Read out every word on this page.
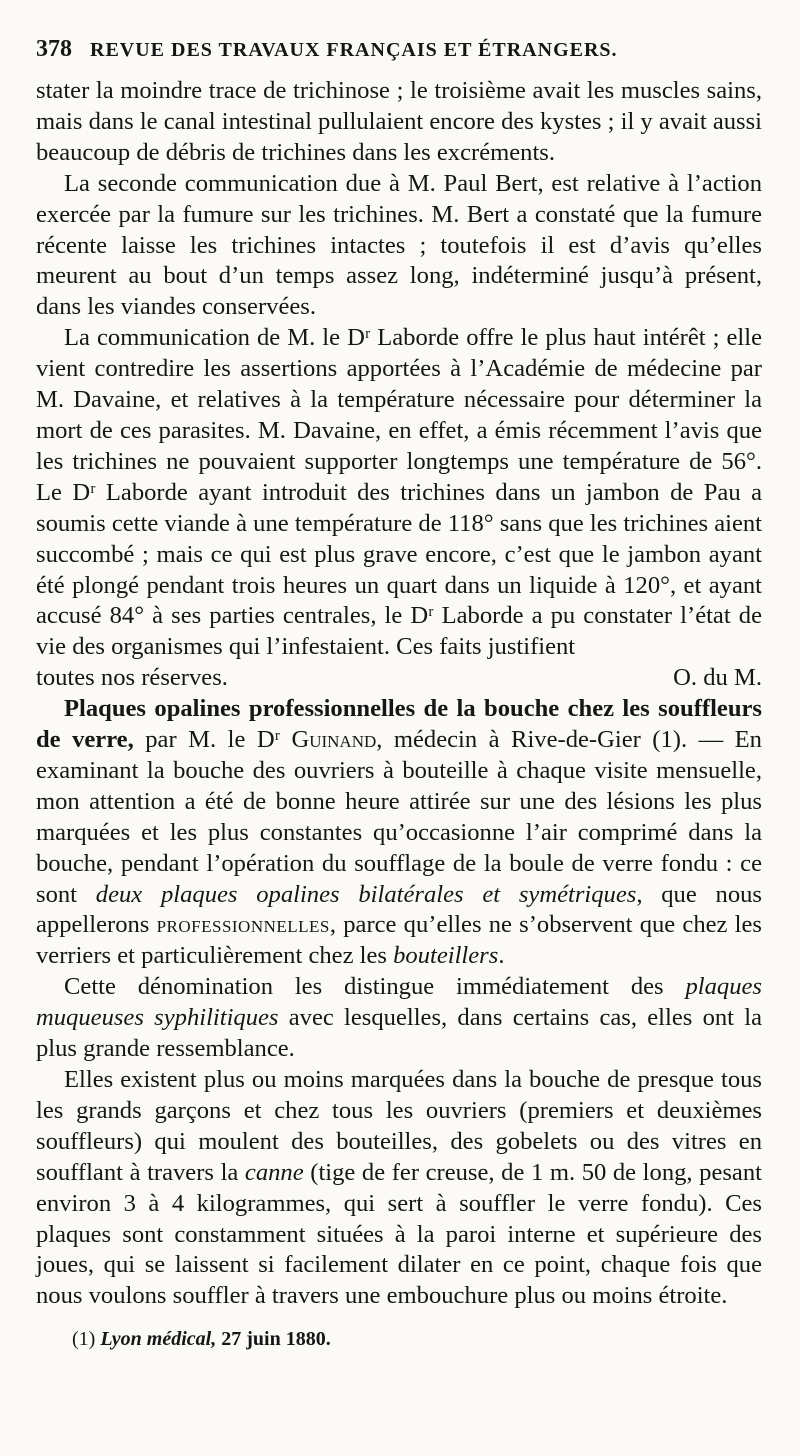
378 REVUE DES TRAVAUX FRANÇAIS ET ÉTRANGERS.

stater la moindre trace de trichinose ; le troisième avait les muscles sains, mais dans le canal intestinal pullulaient encore des kystes ; il y avait aussi beaucoup de débris de trichines dans les excréments.

La seconde communication due à M. Paul Bert, est relative à l’action exercée par la fumure sur les trichines. M. Bert a constaté que la fumure récente laisse les trichines intactes ; toutefois il est d’avis qu’elles meurent au bout d’un temps assez long, indéterminé jusqu’à présent, dans les viandes conservées.

La communication de M. le Dʳ Laborde offre le plus haut intérêt ; elle vient contredire les assertions apportées à l’Académie de médecine par M. Davaine, et relatives à la température nécessaire pour déterminer la mort de ces parasites. M. Davaine, en effet, a émis récemment l’avis que les trichines ne pouvaient supporter longtemps une température de 56°. Le Dʳ Laborde ayant introduit des trichines dans un jambon de Pau a soumis cette viande à une température de 118° sans que les trichines aient succombé ; mais ce qui est plus grave encore, c’est que le jambon ayant été plongé pendant trois heures un quart dans un liquide à 120°, et ayant accusé 84° à ses parties centrales, le Dʳ Laborde a pu constater l’état de vie des organismes qui l’infestaient. Ces faits justifient

toutes nos réserves.	O. du M.

Plaques opalines professionnelles de la bouche chez les souffleurs de verre, par M. le Dʳ Guinand, médecin à Rive-de-Gier (1). — En examinant la bouche des ouvriers à bouteille à chaque visite mensuelle, mon attention a été de bonne heure attirée sur une des lésions les plus marquées et les plus constantes qu’occasionne l’air comprimé dans la bouche, pendant l’opération du soufflage de la boule de verre fondu : ce sont deux plaques opalines bilatérales et symétriques, que nous appellerons professionnelles, parce qu’elles ne s’observent que chez les verriers et particulièrement chez les bouteillers.

Cette dénomination les distingue immédiatement des plaques muqueuses syphilitiques avec lesquelles, dans certains cas, elles ont la plus grande ressemblance.

Elles existent plus ou moins marquées dans la bouche de presque tous les grands garçons et chez tous les ouvriers (premiers et deuxièmes souffleurs) qui moulent des bouteilles, des gobelets ou des vitres en soufflant à travers la canne (tige de fer creuse, de 1 m. 50 de long, pesant environ 3 à 4 kilogrammes, qui sert à souffler le verre fondu). Ces plaques sont constamment situées à la paroi interne et supérieure des joues, qui se laissent si facilement dilater en ce point, chaque fois que nous voulons souffler à travers une embouchure plus ou moins étroite.

(1) Lyon médical, 27 juin 1880.
